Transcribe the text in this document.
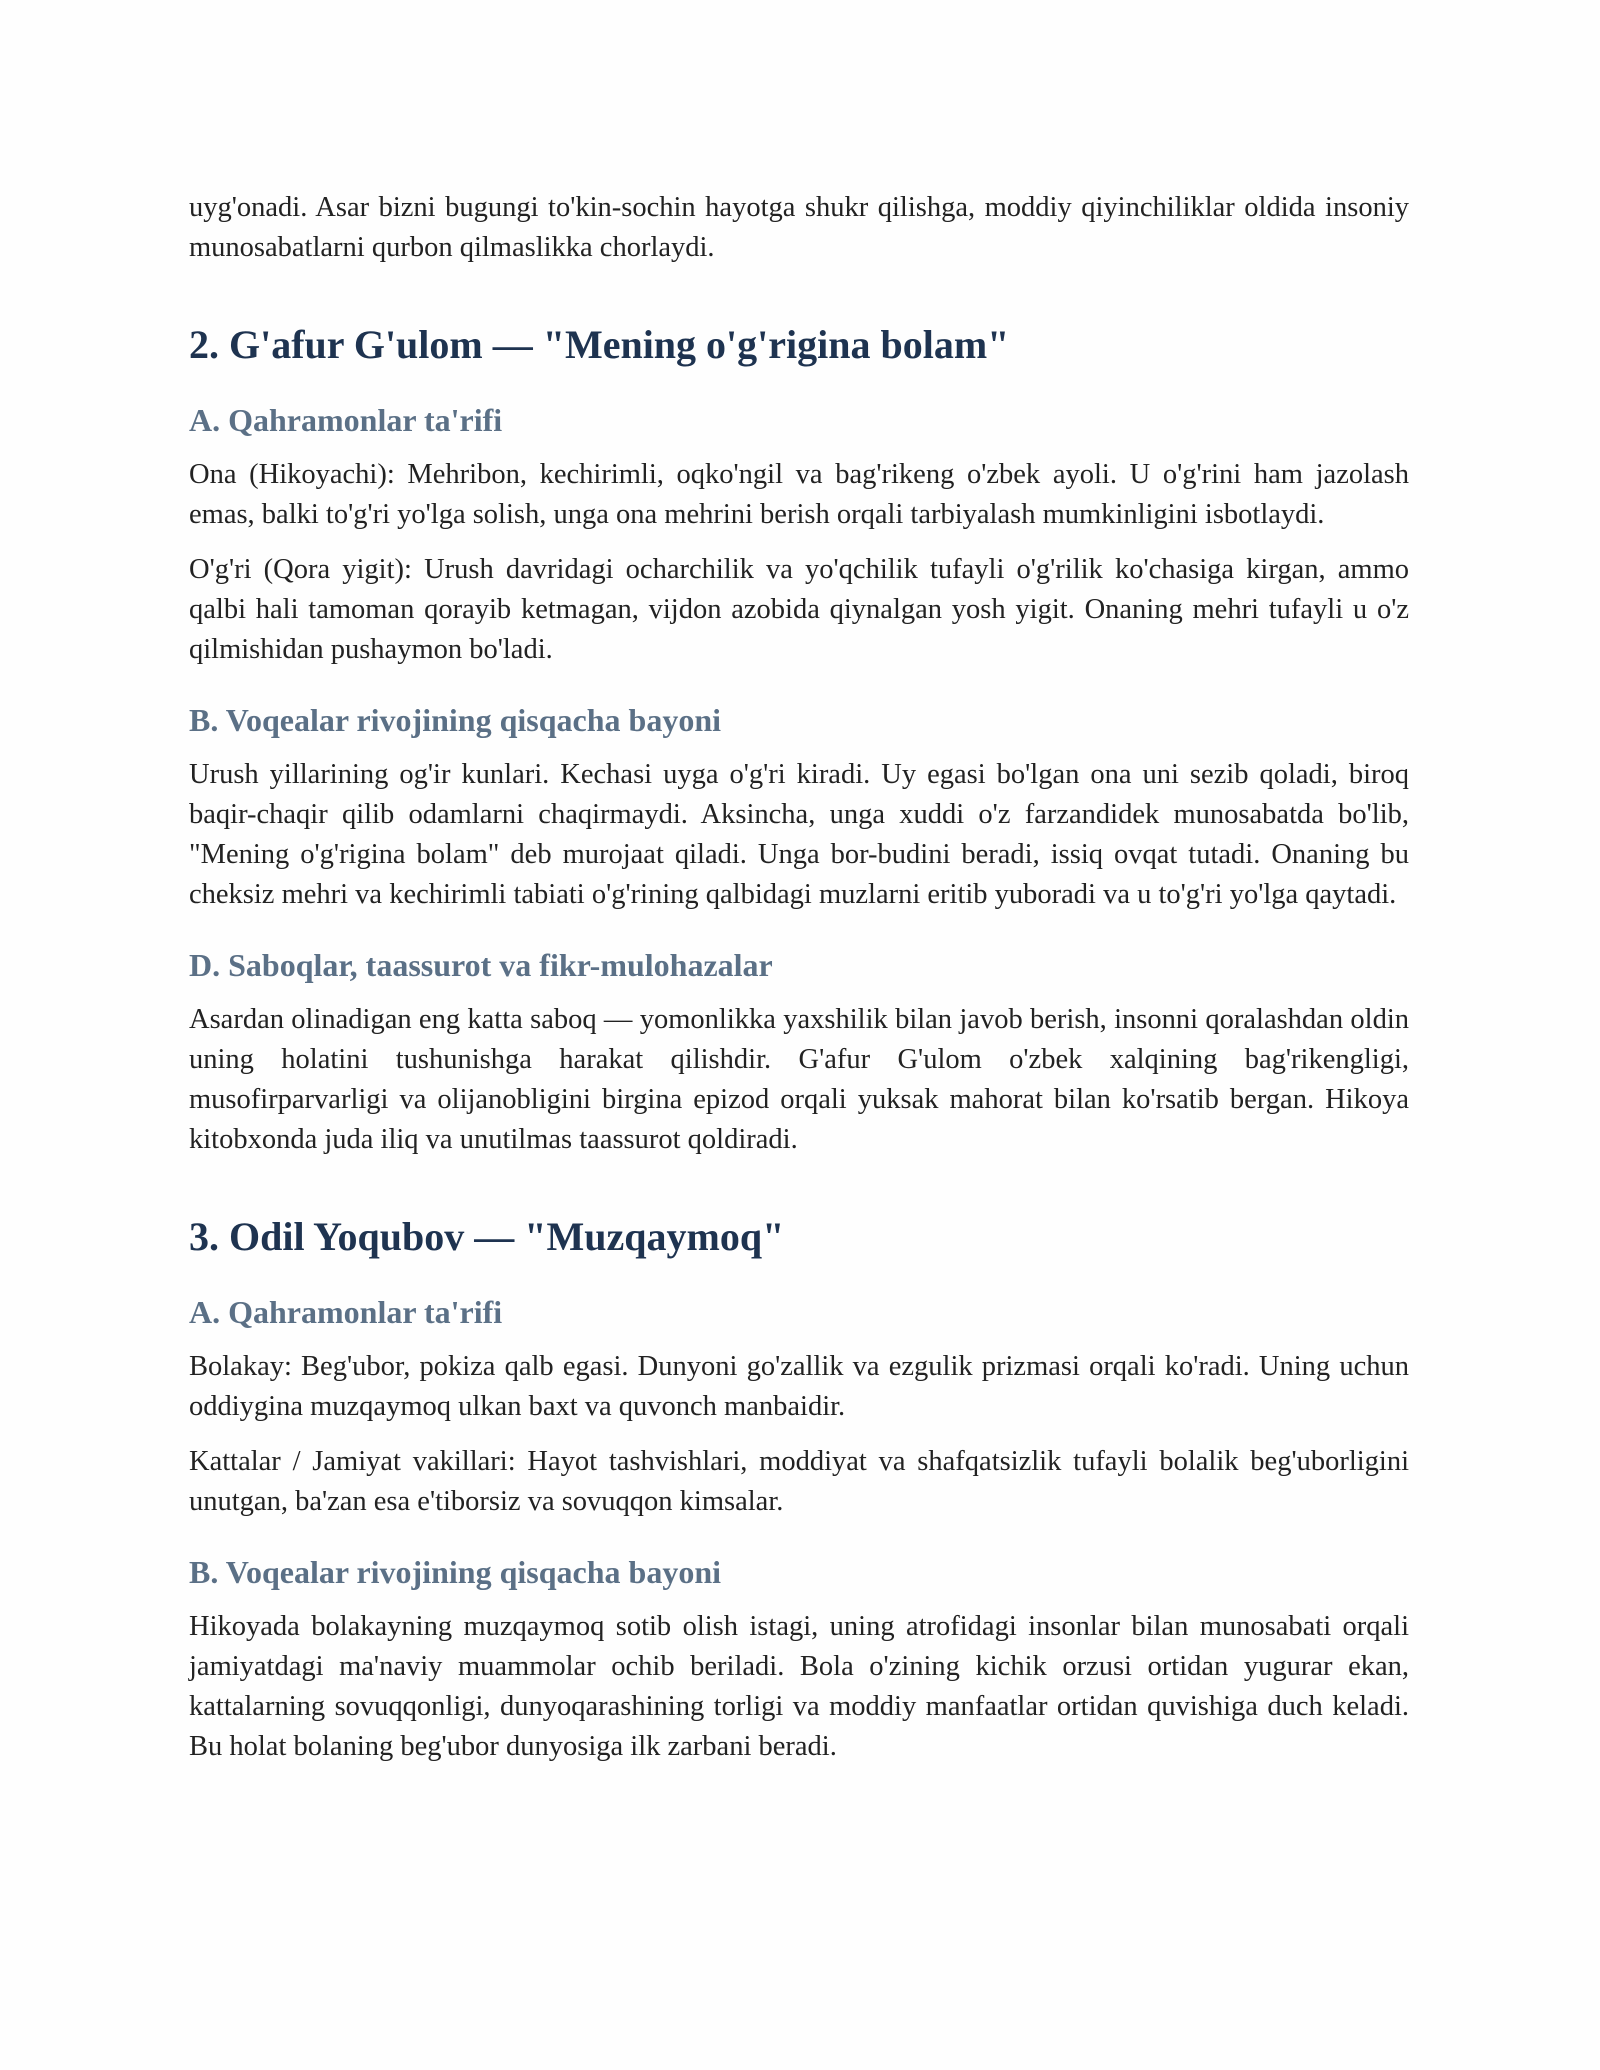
uyg'onadi. Asar bizni bugungi to'kin-sochin hayotga shukr qilishga, moddiy qiyinchiliklar oldida insoniy munosabatlarni qurbon qilmaslikka chorlaydi.

2. G'afur G'ulom — "Mening o'g'rigina bolam"
A. Qahramonlar ta'rifi

Ona (Hikoyachi): Mehribon, kechirimli, oqko'ngil va bag'rikeng o'zbek ayoli. U o'g'rini ham jazolash emas, balki to'g'ri yo'lga solish, unga ona mehrini berish orqali tarbiyalash mumkinligini isbotlaydi.

O'g'ri (Qora yigit): Urush davridagi ocharchilik va yo'qchilik tufayli o'g'rilik ko'chasiga kirgan, ammo qalbi hali tamoman qorayib ketmagan, vijdon azobida qiynalgan yosh yigit. Onaning mehri tufayli u o'z qilmishidan pushaymon bo'ladi.

B. Voqealar rivojining qisqacha bayoni

Urush yillarining og'ir kunlari. Kechasi uyga o'g'ri kiradi. Uy egasi bo'lgan ona uni sezib qoladi, biroq baqir-chaqir qilib odamlarni chaqirmaydi. Aksincha, unga xuddi o'z farzandidek munosabatda bo'lib, "Mening o'g'rigina bolam" deb murojaat qiladi. Unga bor-budini beradi, issiq ovqat tutadi. Onaning bu cheksiz mehri va kechirimli tabiati o'g'rining qalbidagi muzlarni eritib yuboradi va u to'g'ri yo'lga qaytadi.

D. Saboqlar, taassurot va fikr-mulohazalar

Asardan olinadigan eng katta saboq — yomonlikka yaxshilik bilan javob berish, insonni qoralashdan oldin uning holatini tushunishga harakat qilishdir. G'afur G'ulom o'zbek xalqining bag'rikengligi, musofirparvarligi va olijanobligini birgina epizod orqali yuksak mahorat bilan ko'rsatib bergan. Hikoya kitobxonda juda iliq va unutilmas taassurot qoldiradi.

3. Odil Yoqubov — "Muzqaymoq"
A. Qahramonlar ta'rifi

Bolakay: Beg'ubor, pokiza qalb egasi. Dunyoni go'zallik va ezgulik prizmasi orqali ko'radi. Uning uchun oddiygina muzqaymoq ulkan baxt va quvonch manbaidir.

Kattalar / Jamiyat vakillari: Hayot tashvishlari, moddiyat va shafqatsizlik tufayli bolalik beg'uborligini unutgan, ba'zan esa e'tiborsiz va sovuqqon kimsalar.

B. Voqealar rivojining qisqacha bayoni

Hikoyada bolakayning muzqaymoq sotib olish istagi, uning atrofidagi insonlar bilan munosabati orqali jamiyatdagi ma'naviy muammolar ochib beriladi. Bola o'zining kichik orzusi ortidan yugurar ekan, kattalarning sovuqqonligi, dunyoqarashining torligi va moddiy manfaatlar ortidan quvishiga duch keladi. Bu holat bolaning beg'ubor dunyosiga ilk zarbani beradi.
